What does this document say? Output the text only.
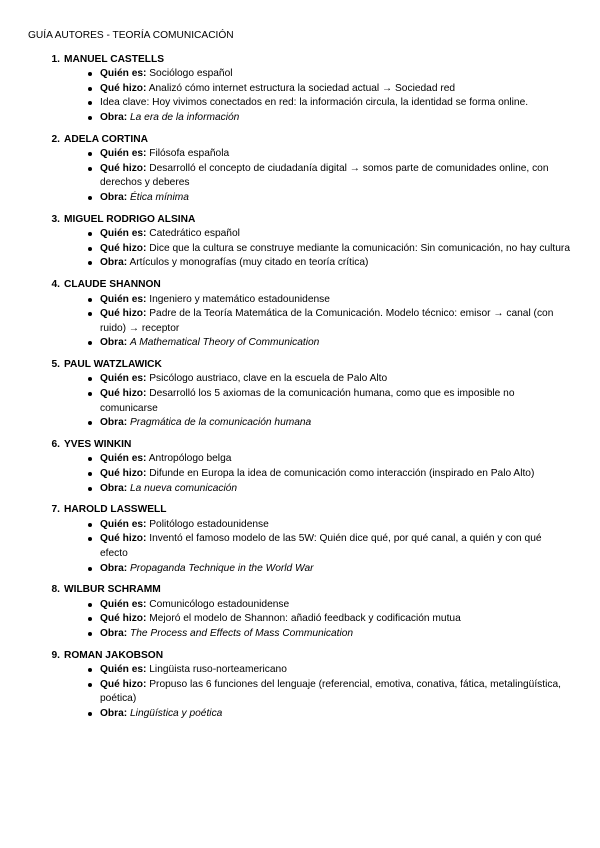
GUÍA AUTORES - TEORÍA COMUNICACIÓN
1. MANUEL CASTELLS
Quién es: Sociólogo español
Qué hizo: Analizó cómo internet estructura la sociedad actual → Sociedad red
Idea clave: Hoy vivimos conectados en red: la información circula, la identidad se forma online.
Obra: La era de la información
2. ADELA CORTINA
Quién es: Filósofa española
Qué hizo: Desarrolló el concepto de ciudadanía digital → somos parte de comunidades online, con derechos y deberes
Obra: Ética mínima
3. MIGUEL RODRIGO ALSINA
Quién es: Catedrático español
Qué hizo: Dice que la cultura se construye mediante la comunicación: Sin comunicación, no hay cultura
Obra: Artículos y monografías (muy citado en teoría crítica)
4. CLAUDE SHANNON
Quién es: Ingeniero y matemático estadounidense
Qué hizo: Padre de la Teoría Matemática de la Comunicación. Modelo técnico: emisor → canal (con ruido) → receptor
Obra: A Mathematical Theory of Communication
5. PAUL WATZLAWICK
Quién es: Psicólogo austriaco, clave en la escuela de Palo Alto
Qué hizo: Desarrolló los 5 axiomas de la comunicación humana, como que es imposible no comunicarse
Obra: Pragmática de la comunicación humana
6. YVES WINKIN
Quién es: Antropólogo belga
Qué hizo: Difunde en Europa la idea de comunicación como interacción (inspirado en Palo Alto)
Obra: La nueva comunicación
7. HAROLD LASSWELL
Quién es: Politólogo estadounidense
Qué hizo: Inventó el famoso modelo de las 5W: Quién dice qué, por qué canal, a quién y con qué efecto
Obra: Propaganda Technique in the World War
8. WILBUR SCHRAMM
Quién es: Comunicólogo estadounidense
Qué hizo: Mejoró el modelo de Shannon: añadió feedback y codificación mutua
Obra: The Process and Effects of Mass Communication
9. ROMAN JAKOBSON
Quién es: Lingüista ruso-norteamericano
Qué hizo: Propuso las 6 funciones del lenguaje (referencial, emotiva, conativa, fática, metalingüística, poética)
Obra: Lingüística y poética
